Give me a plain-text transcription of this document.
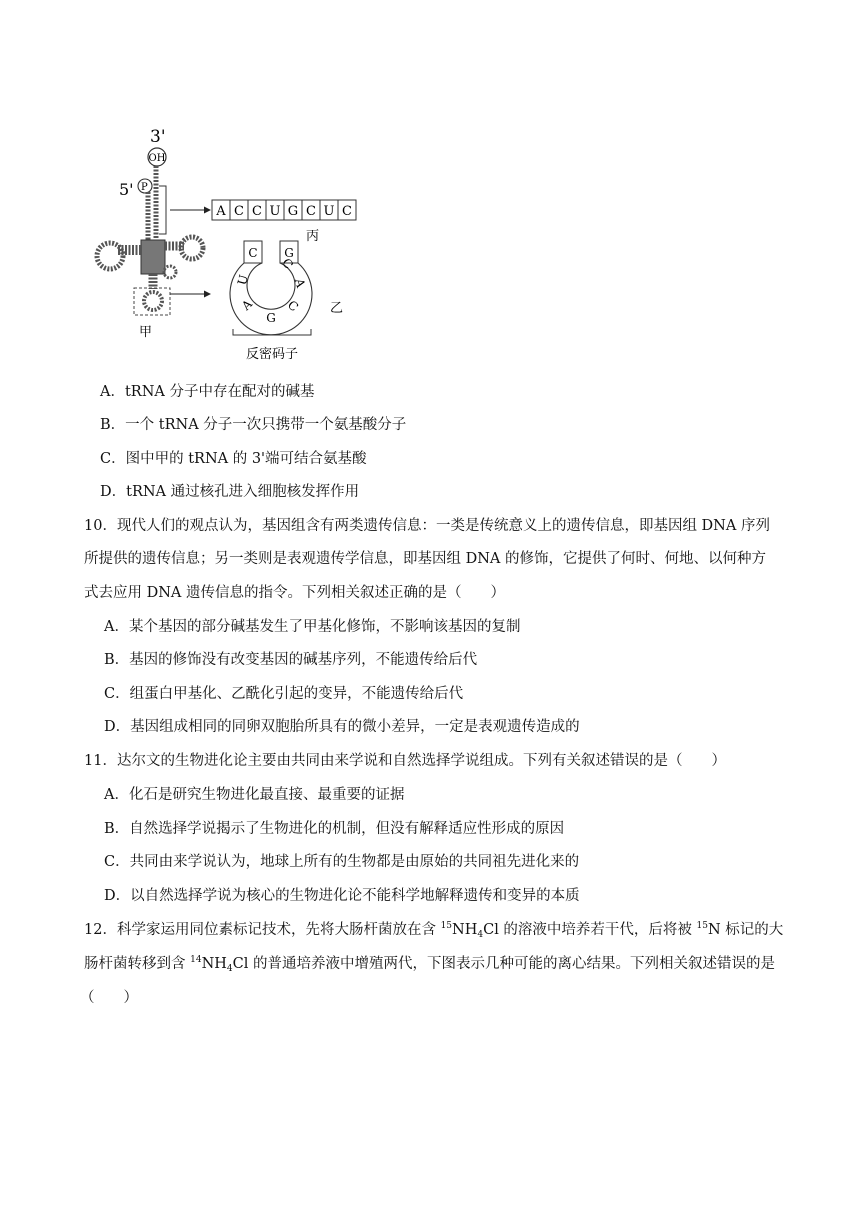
3'
OH
5' P
甲
A C C U G C U C
丙
C
U
A
G
C
A
C
G
乙
反密码子
A．tRNA 分子中存在配对的碱基
B．一个 tRNA 分子一次只携带一个氨基酸分子
C．图中甲的 tRNA 的 3'端可结合氨基酸
D．tRNA 通过核孔进入细胞核发挥作用
10．现代人们的观点认为，基因组含有两类遗传信息：一类是传统意义上的遗传信息，即基因组 DNA 序列
所提供的遗传信息；另一类则是表观遗传学信息，即基因组 DNA 的修饰，它提供了何时、何地、以何种方
式去应用 DNA 遗传信息的指令。下列相关叙述正确的是（　　）
A．某个基因的部分碱基发生了甲基化修饰，不影响该基因的复制
B．基因的修饰没有改变基因的碱基序列，不能遗传给后代
C．组蛋白甲基化、乙酰化引起的变异，不能遗传给后代
D．基因组成相同的同卵双胞胎所具有的微小差异，一定是表观遗传造成的
11．达尔文的生物进化论主要由共同由来学说和自然选择学说组成。下列有关叙述错误的是（　　）
A．化石是研究生物进化最直接、最重要的证据
B．自然选择学说揭示了生物进化的机制，但没有解释适应性形成的原因
C．共同由来学说认为，地球上所有的生物都是由原始的共同祖先进化来的
D．以自然选择学说为核心的生物进化论不能科学地解释遗传和变异的本质
12．科学家运用同位素标记技术，先将大肠杆菌放在含 $^{15}NH_4Cl$ 的溶液中培养若干代，后将被 $^{15}$N 标记的大
肠杆菌转移到含 $^{14}NH_4Cl$ 的普通培养液中增殖两代，下图表示几种可能的离心结果。下列相关叙述错误的是
（　　）
